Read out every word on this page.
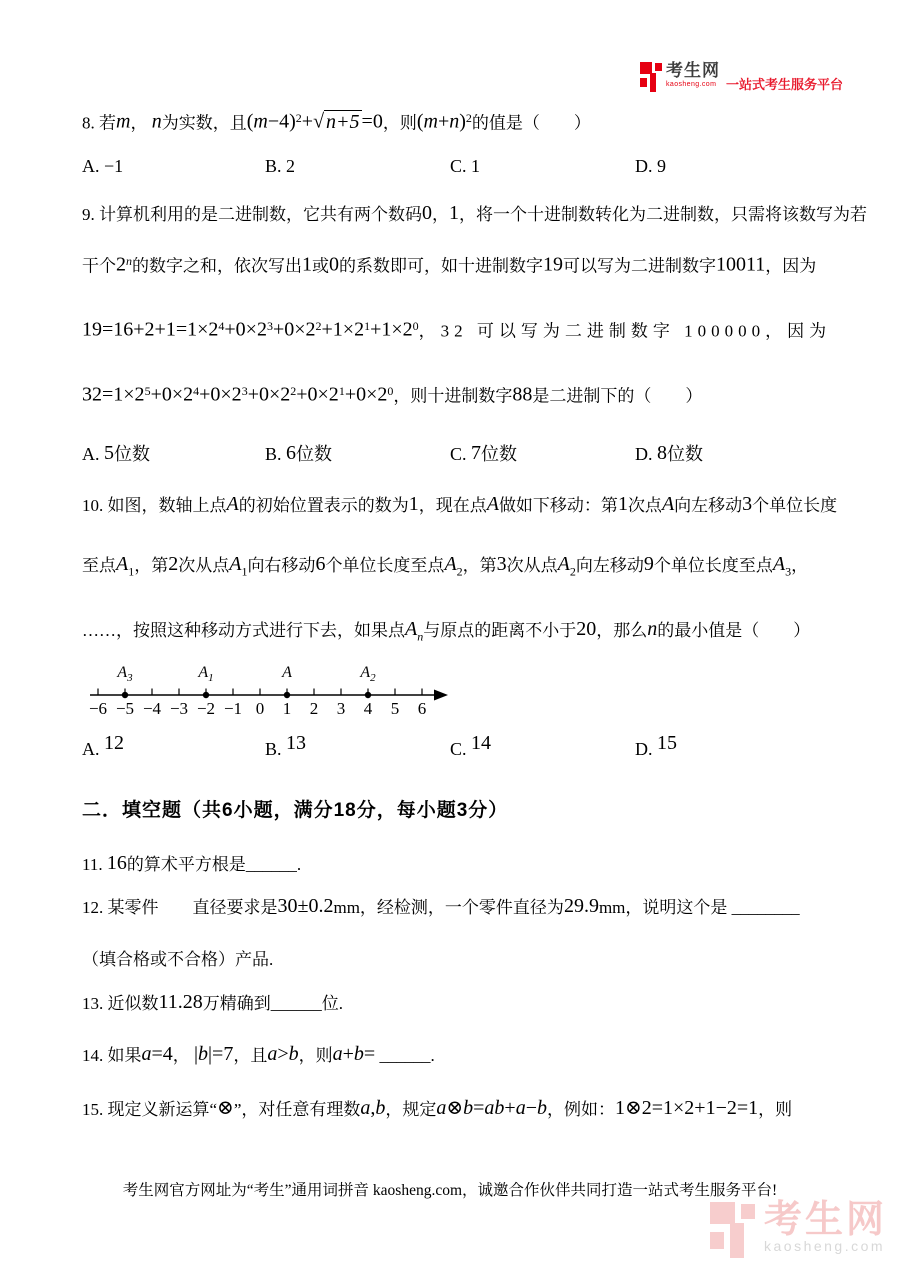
考生网
kaosheng.com 一站式考生服务平台
8. 若m， n为实数，且$(m-4)^2+√$ n+5 =0，则$(m+n)^2$的值是（　　）
A. −1	B. 2	C. 1	D. 9
9. 计算机利用的是二进制数，它共有两个数码0，1，将一个十进制数转化为二进制数，只需将该数写为若
干个2$^n$的数字之和，依次写出1或0的系数即可，如十进制数字19可以写为二进制数字10011，因为
$19=16+2+1=1\times 2^4+0\times 2^3+0\times 2^2+1\times 2^1+1\times 2^0$，32 可以写为二进制数字 100000，因为
$32=1\times 2^5+0\times 2^4+0\times 2^3+0\times 2^2+0\times 2^1+0\times 2^0$，则十进制数字88是二进制下的（　　）
A. 5位数	B. 6位数	C. 7位数	D. 8位数
10. 如图，数轴上点A的初始位置表示的数为1，现在点A做如下移动：第1次点A向左移动3个单位长度
至点$A_1$，第2次从点$A_1$向右移动6个单位长度至点$A_2$，第3次从点$A_2$向左移动9个单位长度至点$A_3$，
……，按照这种移动方式进行下去，如果点$A_n$与原点的距离不小于20，那么n的最小值是（　　）
$A_3$	$A_1$	A	$A_2$
−6 −5 −4 −3 −2 −1 0 1 2 3 4 5 6
A. 12	B. 13	C. 14	D. 15
二．填空题（共6小题，满分18分，每小题3分）
11. 16的算术平方根是______.
12. 某零件　　直径要求是30±0.2mm，经检测，一个零件直径为29.9mm，说明这个是 ________
（填合格或不合格）产品.
13. 近似数11.28万精确到______位.
14. 如果a=4， |b|=7，且a>b，则a+b= ______.
15. 现定义新运算“⊗”，对任意有理数a,b，规定a⊗b=ab+a−b，例如：1⊗2=1×2+1−2=1，则
考生网官方网址为“考生”通用词拼音 kaosheng.com，诚邀合作伙伴共同打造一站式考生服务平台!
考生网
kaosheng.com
